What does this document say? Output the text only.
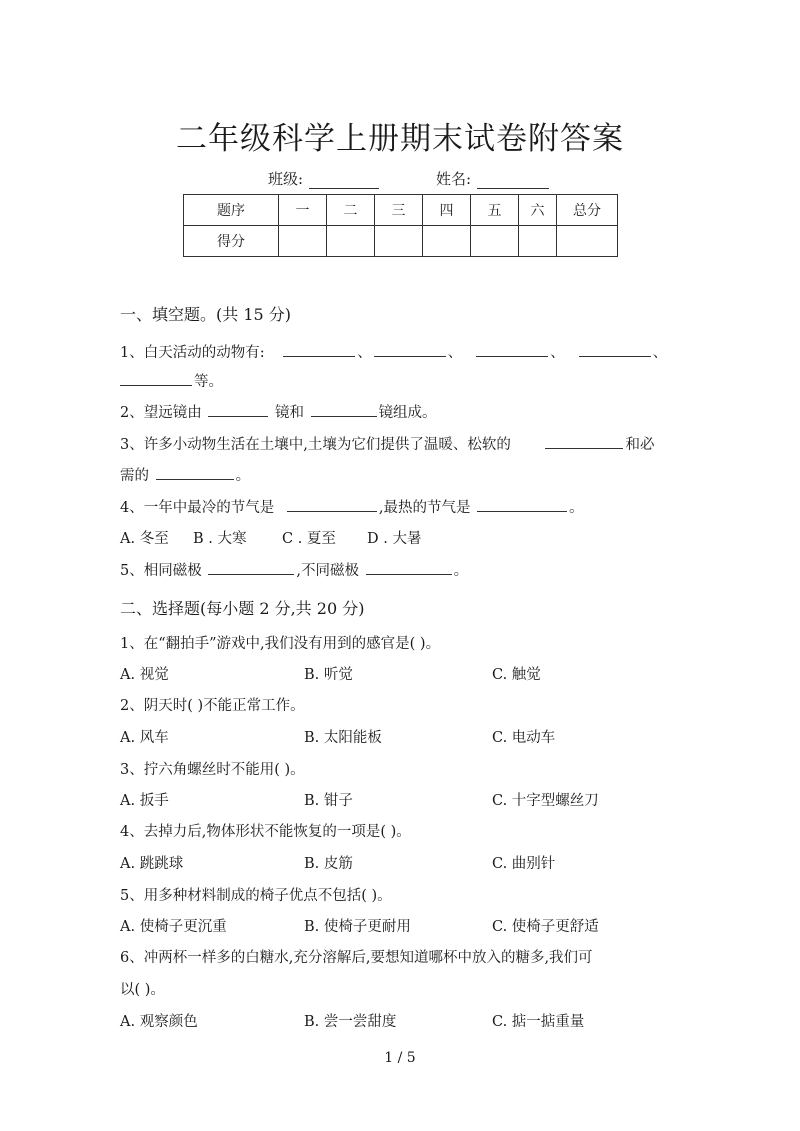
二年级科学上册期末试卷附答案
班级:	姓名:
题序	一	二	三	四	五	六	总分
得分							
一、填空题。(共 15 分)
1、白天活动的动物有:	、	、	、	、
等。
2、望远镜由	镜和	镜组成。
3、许多小动物生活在土壤中,土壤为它们提供了温暖、松软的	和必
需的	。
4、一年中最冷的节气是	,最热的节气是	。
A. 冬至 B . 大寒 C . 夏至 D . 大暑
5、相同磁极	,不同磁极	。
二、选择题(每小题 2 分,共 20 分)
1、在“翻拍手”游戏中,我们没有用到的感官是( )。
A. 视觉	B. 听觉	C. 触觉
2、阴天时( )不能正常工作。
A. 风车	B. 太阳能板	C. 电动车
3、拧六角螺丝时不能用( )。
A. 扳手	B. 钳子	C. 十字型螺丝刀
4、去掉力后,物体形状不能恢复的一项是( )。
A. 跳跳球	B. 皮筋	C. 曲别针
5、用多种材料制成的椅子优点不包括( )。
A. 使椅子更沉重	B. 使椅子更耐用	C. 使椅子更舒适
6、冲两杯一样多的白糖水,充分溶解后,要想知道哪杯中放入的糖多,我们可
以( )。
A. 观察颜色	B. 尝一尝甜度	C. 掂一掂重量
1 / 5
